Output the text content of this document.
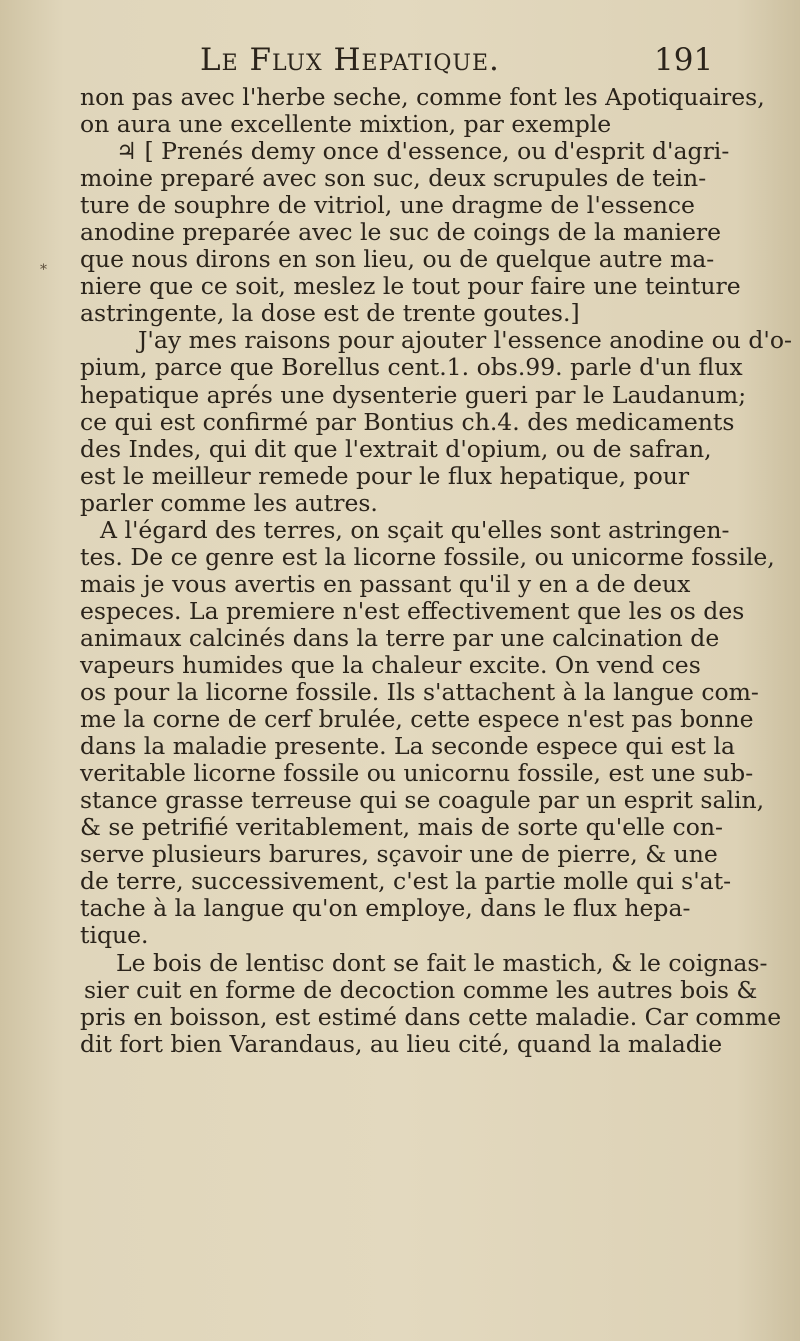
Le Flux Hepatique.	191
*
non pas avec l'herbe seche, comme font les Apotiquaires,
on aura une excellente mixtion, par exemple
♃ [ Prenés demy once d'essence, ou d'esprit d'agri-
moine preparé avec son suc, deux scrupules de tein-
ture de souphre de vitriol, une dragme de l'essence
anodine preparée avec le suc de coings de la maniere
que nous dirons en son lieu, ou de quelque autre ma-
niere que ce soit, meslez le tout pour faire une teinture
astringente, la dose est de trente goutes.]
J'ay mes raisons pour ajouter l'essence anodine ou d'o-
pium, parce que Borellus cent.1. obs.99. parle d'un flux
hepatique aprés une dysenterie gueri par le Laudanum;
ce qui est confirmé par Bontius ch.4. des medicaments
des Indes, qui dit que l'extrait d'opium, ou de safran,
est le meilleur remede pour le flux hepatique, pour
parler comme les autres.
A l'égard des terres, on sçait qu'elles sont astringen-
tes. De ce genre est la licorne fossile, ou unicorme fossile,
mais je vous avertis en passant qu'il y en a de deux
especes. La premiere n'est effectivement que les os des
animaux calcinés dans la terre par une calcination de
vapeurs humides que la chaleur excite. On vend ces
os pour la licorne fossile. Ils s'attachent à la langue com-
me la corne de cerf brulée, cette espece n'est pas bonne
dans la maladie presente. La seconde espece qui est la
veritable licorne fossile ou unicornu fossile, est une sub-
stance grasse terreuse qui se coagule par un esprit salin,
& se petrifié veritablement, mais de sorte qu'elle con-
serve plusieurs barures, sçavoir une de pierre, & une
de terre, successivement, c'est la partie molle qui s'at-
tache à la langue qu'on employe, dans le flux hepa-
tique.
Le bois de lentisc dont se fait le mastich, & le coignas-
sier cuit en forme de decoction comme les autres bois &
pris en boisson, est estimé dans cette maladie. Car comme
dit fort bien Varandaus, au lieu cité, quand la maladie
